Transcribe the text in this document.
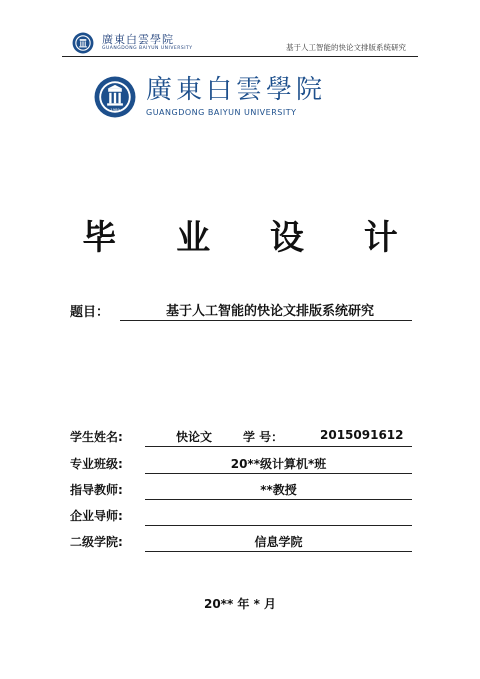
廣東白雲學院
GUANGDONG BAIYUN UNIVERSITY	基于人工智能的快论文排版系统研究
1989
廣東白雲學院
GUANGDONG BAIYUN UNIVERSITY
毕 业 设 计
题目：	基于人工智能的快论文排版系统研究
学生姓名:	快论文	学 号：	2015091612
专业班级:	20**级计算机*班
指导教师:	**教授
企业导师:
二级学院:	信息学院
20** 年 * 月
